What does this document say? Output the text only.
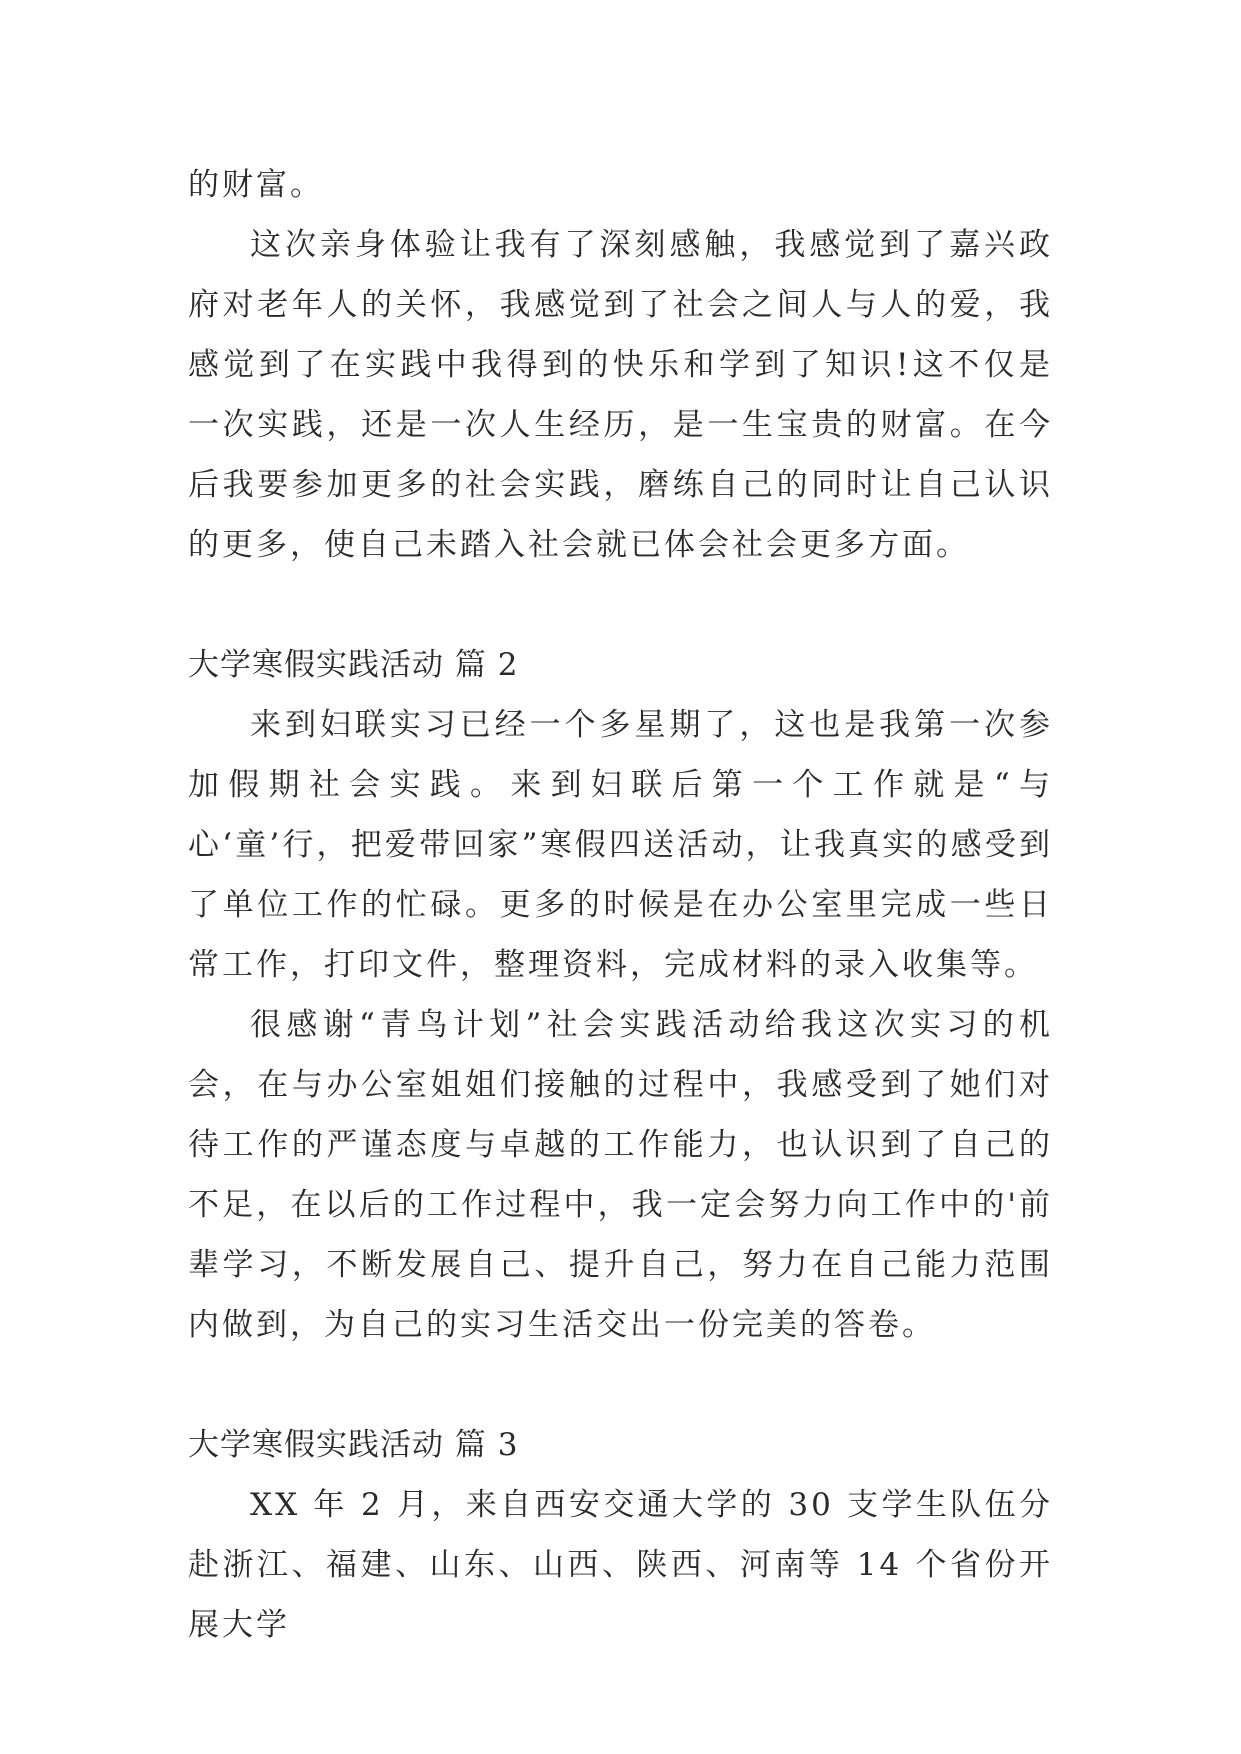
的财富。

这次亲身体验让我有了深刻感触，我感觉到了嘉兴政府对老年人的关怀，我感觉到了社会之间人与人的爱，我感觉到了在实践中我得到的快乐和学到了知识!这不仅是一次实践，还是一次人生经历，是一生宝贵的财富。在今后我要参加更多的社会实践，磨练自己的同时让自己认识的更多，使自己未踏入社会就已体会社会更多方面。

大学寒假实践活动 篇 2

来到妇联实习已经一个多星期了，这也是我第一次参加假期社会实践。来到妇联后第一个工作就是“与心‘童’行，把爱带回家”寒假四送活动，让我真实的感受到了单位工作的忙碌。更多的时候是在办公室里完成一些日常工作，打印文件，整理资料，完成材料的录入收集等。

很感谢“青鸟计划”社会实践活动给我这次实习的机会，在与办公室姐姐们接触的过程中，我感受到了她们对待工作的严谨态度与卓越的工作能力，也认识到了自己的不足，在以后的工作过程中，我一定会努力向工作中的'前辈学习，不断发展自己、提升自己，努力在自己能力范围内做到，为自己的实习生活交出一份完美的答卷。

大学寒假实践活动 篇 3

XX 年 2 月，来自西安交通大学的 30 支学生队伍分赴浙江、福建、山东、山西、陕西、河南等 14 个省份开展大学
